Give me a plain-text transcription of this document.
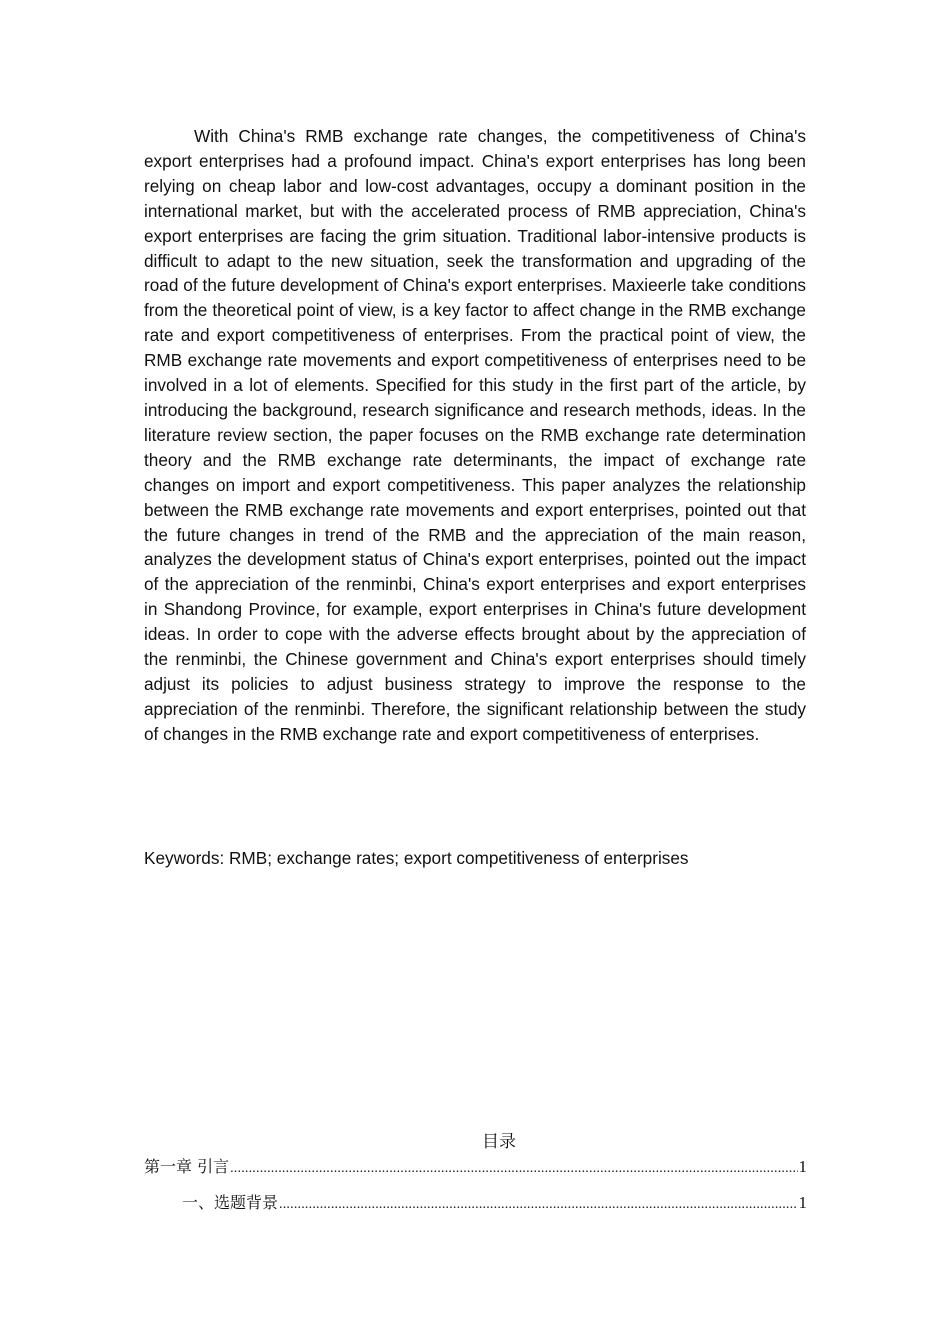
With China's RMB exchange rate changes, the competitiveness of China's export enterprises had a profound impact. China's export enterprises has long been relying on cheap labor and low-cost advantages, occupy a dominant position in the international market, but with the accelerated process of RMB appreciation, China's export enterprises are facing the grim situation. Traditional labor-intensive products is difficult to adapt to the new situation, seek the transformation and upgrading of the road of the future development of China's export enterprises. Maxieerle take conditions from the theoretical point of view, is a key factor to affect change in the RMB exchange rate and export competitiveness of enterprises. From the practical point of view, the RMB exchange rate movements and export competitiveness of enterprises need to be involved in a lot of elements. Specified for this study in the first part of the article, by introducing the background, research significance and research methods, ideas. In the literature review section, the paper focuses on the RMB exchange rate determination theory and the RMB exchange rate determinants, the impact of exchange rate changes on import and export competitiveness. This paper analyzes the relationship between the RMB exchange rate movements and export enterprises, pointed out that the future changes in trend of the RMB and the appreciation of the main reason, analyzes the development status of China's export enterprises, pointed out the impact of the appreciation of the renminbi, China's export enterprises and export enterprises in Shandong Province, for example, export enterprises in China's future development ideas. In order to cope with the adverse effects brought about by the appreciation of the renminbi, the Chinese government and China's export enterprises should timely adjust its policies to adjust business strategy to improve the response to the appreciation of the renminbi. Therefore, the significant relationship between the study of changes in the RMB exchange rate and export competitiveness of enterprises.

Keywords: RMB; exchange rates; export competitiveness of enterprises

目录
第一章 引言 .....	1
一、选题背景 .....	1
